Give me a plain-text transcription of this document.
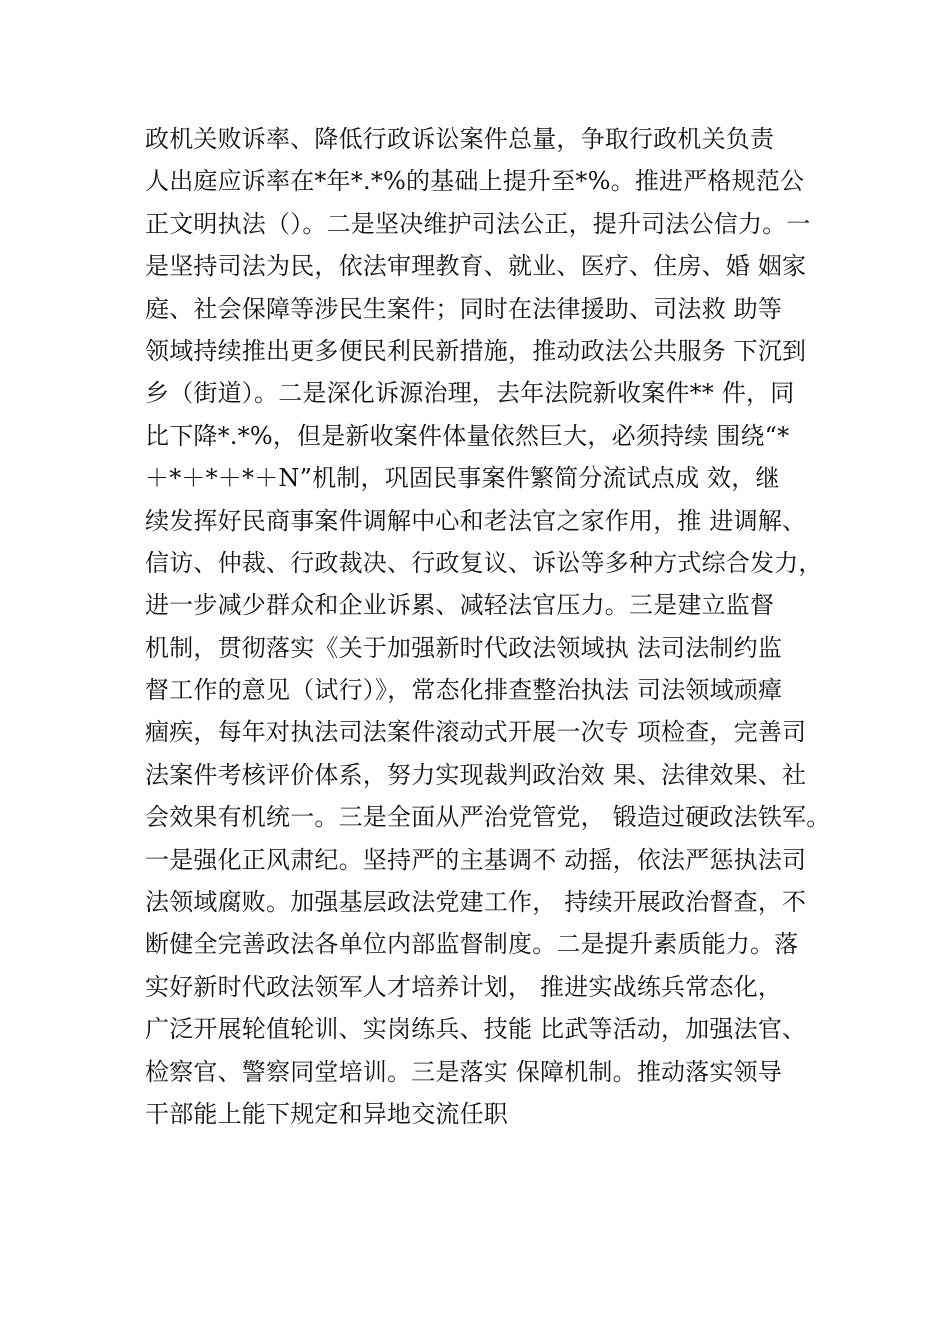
政机关败诉率、降低行政诉讼案件总量，争取行政机关负责
人出庭应诉率在*年*.*%的基础上提升至*%。推进严格规范公
正文明执法（）。二是坚决维护司法公正，提升司法公信力。一
是坚持司法为民，依法审理教育、就业、医疗、住房、婚 姻家
庭、社会保障等涉民生案件；同时在法律援助、司法救 助等
领域持续推出更多便民利民新措施，推动政法公共服务 下沉到
乡（街道）。二是深化诉源治理，去年法院新收案件** 件，同
比下降*.*%，但是新收案件体量依然巨大，必须持续 围绕“*
＋*＋*＋*＋N”机制，巩固民事案件繁简分流试点成 效，继
续发挥好民商事案件调解中心和老法官之家作用，推 进调解、
信访、仲裁、行政裁决、行政复议、诉讼等多种方式综合发力，
进一步减少群众和企业诉累、减轻法官压力。三是建立监督
机制，贯彻落实《关于加强新时代政法领域执 法司法制约监
督工作的意见（试行）》，常态化排查整治执法 司法领域顽瘴
痼疾，每年对执法司法案件滚动式开展一次专 项检查，完善司
法案件考核评价体系，努力实现裁判政治效 果、法律效果、社
会效果有机统一。三是全面从严治党管党， 锻造过硬政法铁军。
一是强化正风肃纪。坚持严的主基调不 动摇，依法严惩执法司
法领域腐败。加强基层政法党建工作， 持续开展政治督查，不
断健全完善政法各单位内部监督制度。二是提升素质能力。落
实好新时代政法领军人才培养计划， 推进实战练兵常态化，
广泛开展轮值轮训、实岗练兵、技能 比武等活动，加强法官、
检察官、警察同堂培训。三是落实 保障机制。推动落实领导
干部能上能下规定和异地交流任职
